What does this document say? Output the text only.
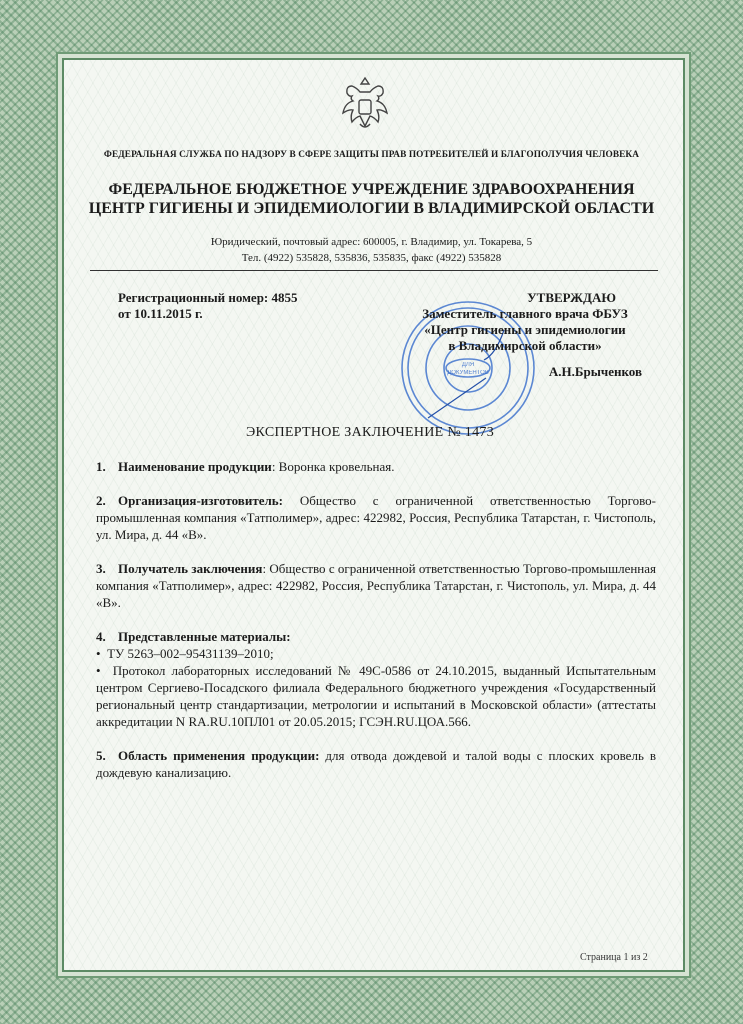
ФЕДЕРАЛЬНАЯ СЛУЖБА ПО НАДЗОРУ В СФЕРЕ ЗАЩИТЫ ПРАВ ПОТРЕБИТЕЛЕЙ И БЛАГОПОЛУЧИЯ ЧЕЛОВЕКА
ФЕДЕРАЛЬНОЕ БЮДЖЕТНОЕ УЧРЕЖДЕНИЕ ЗДРАВООХРАНЕНИЯ
ЦЕНТР ГИГИЕНЫ И ЭПИДЕМИОЛОГИИ В ВЛАДИМИРСКОЙ ОБЛАСТИ
Юридический, почтовый адрес: 600005, г. Владимир, ул. Токарева, 5
Тел. (4922) 535828, 535836, 535835, факс (4922) 535828
Регистрационный номер: 4855
от 10.11.2015 г.
ДЛЯ
ДОКУМЕНТОВ
УТВЕРЖДАЮ
Заместитель главного врача ФБУЗ
«Центр гигиены и эпидемиологии
в Владимирской области»
А.Н.Брыченков
ЭКСПЕРТНОЕ ЗАКЛЮЧЕНИЕ № 1473
1. Наименование продукции: Воронка кровельная.
2. Организация-изготовитель: Общество с ограниченной ответственностью Торгово-промышленная компания «Татполимер», адрес: 422982, Россия, Республика Татарстан, г. Чистополь, ул. Мира, д. 44 «В».
3. Получатель заключения: Общество с ограниченной ответственностью Торгово-промышленная компания «Татполимер», адрес: 422982, Россия, Республика Татарстан, г. Чистополь, ул. Мира, д. 44 «В».
4. Представленные материалы:
•  ТУ 5263–002–95431139–2010;
•  Протокол лабораторных исследований № 49С-0586 от 24.10.2015, выданный Испытательным центром Сергиево-Посадского филиала Федерального бюджетного учреждения «Государственный региональный центр стандартизации, метрологии и испытаний в Московской области» (аттестаты аккредитации N RA.RU.10ПЛ01 от 20.05.2015; ГСЭН.RU.ЦОА.566.
5. Область применения продукции: для отвода дождевой и талой воды с плоских кровель в дождевую канализацию.
Страница 1 из 2
